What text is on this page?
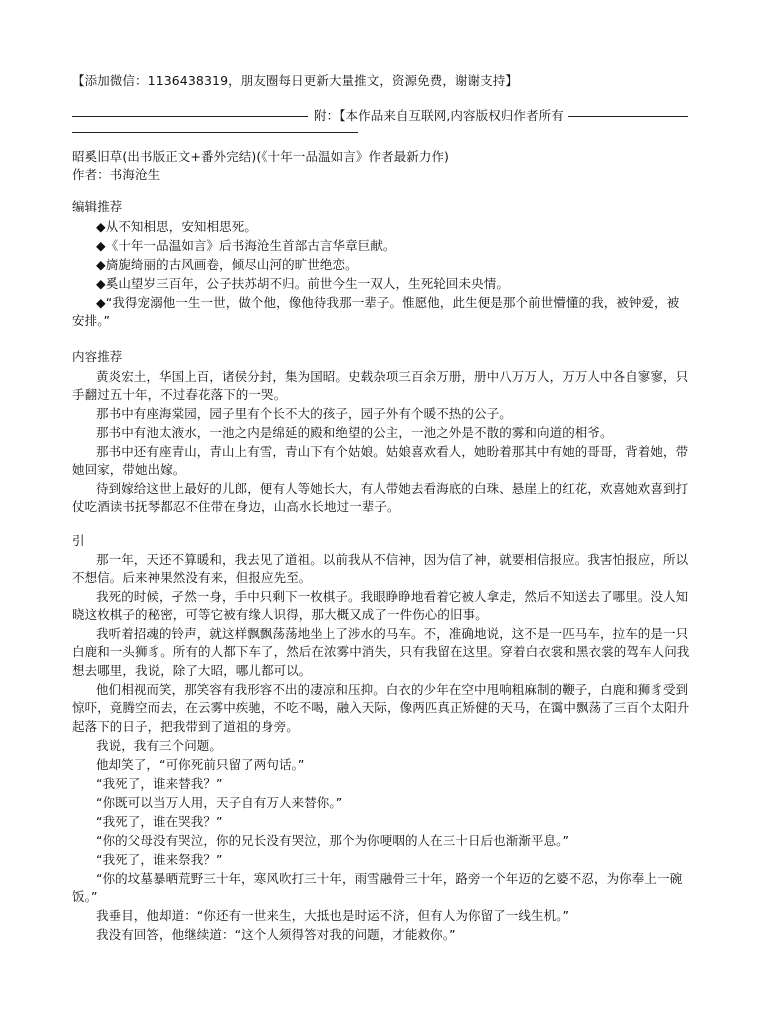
【添加微信：1136438319，朋友圈每日更新大量推文，资源免费，谢谢支持】
附：【本作品来自互联网,内容版权归作者所有
昭奚旧草(出书版正文+番外完结)(《十年一品温如言》作者最新力作)
作者：书海沧生
编辑推荐
◆从不知相思，安知相思死。
◆《十年一品温如言》后书海沧生首部古言华章巨献。
◆旖旎绮丽的古风画卷，倾尽山河的旷世绝恋。
◆奚山望岁三百年，公子扶苏胡不归。前世今生一双人，生死轮回未央情。
◆“我得宠溺他一生一世，做个他，像他待我那一辈子。惟愿他，此生便是那个前世懵懂的我，被钟爱，被
安排。”
内容推荐
黄炎宏土，华国上百，诸侯分封，集为国昭。史载杂项三百余万册，册中八万万人，万万人中各自寥寥，只
手翻过五十年，不过春花落下的一哭。
那书中有座海棠园，园子里有个长不大的孩子，园子外有个暖不热的公子。
那书中有池太液水，一池之内是绵延的殿和绝望的公主，一池之外是不散的雾和向道的相爷。
那书中还有座青山，青山上有雪，青山下有个姑娘。姑娘喜欢看人，她盼着那其中有她的哥哥，背着她，带
她回家，带她出嫁。
待到嫁给这世上最好的儿郎，便有人等她长大，有人带她去看海底的白珠、悬崖上的红花，欢喜她欢喜到打
仗吃酒读书抚琴都忍不住带在身边，山高水长地过一辈子。
引
那一年，天还不算暖和，我去见了道祖。以前我从不信神，因为信了神，就要相信报应。我害怕报应，所以
不想信。后来神果然没有来，但报应先至。
我死的时候，孑然一身，手中只剩下一枚棋子。我眼睁睁地看着它被人拿走，然后不知送去了哪里。没人知
晓这枚棋子的秘密，可等它被有缘人识得，那大概又成了一件伤心的旧事。
我听着招魂的铃声，就这样飘飘荡荡地坐上了涉水的马车。不，准确地说，这不是一匹马车，拉车的是一只
白鹿和一头狮豸。所有的人都下车了，然后在浓雾中消失，只有我留在这里。穿着白衣裳和黑衣裳的驾车人问我
想去哪里，我说，除了大昭，哪儿都可以。
他们相视而笑，那笑容有我形容不出的凄凉和压抑。白衣的少年在空中甩响粗麻制的鞭子，白鹿和狮豸受到
惊吓，竟腾空而去，在云雾中疾驰，不吃不喝，融入天际，像两匹真正矫健的天马，在霭中飘荡了三百个太阳升
起落下的日子，把我带到了道祖的身旁。
我说，我有三个问题。
他却笑了，“可你死前只留了两句话。”
“我死了，谁来替我？”
“你既可以当万人用，天子自有万人来替你。”
“我死了，谁在哭我？”
“你的父母没有哭泣，你的兄长没有哭泣，那个为你哽咽的人在三十日后也渐渐平息。”
“我死了，谁来祭我？”
“你的坟墓暴晒荒野三十年，寒风吹打三十年，雨雪融骨三十年，路旁一个年迈的乞婆不忍，为你奉上一碗
饭。”
我垂目，他却道：“你还有一世来生，大抵也是时运不济，但有人为你留了一线生机。”
我没有回答，他继续道：“这个人须得答对我的问题，才能救你。”
